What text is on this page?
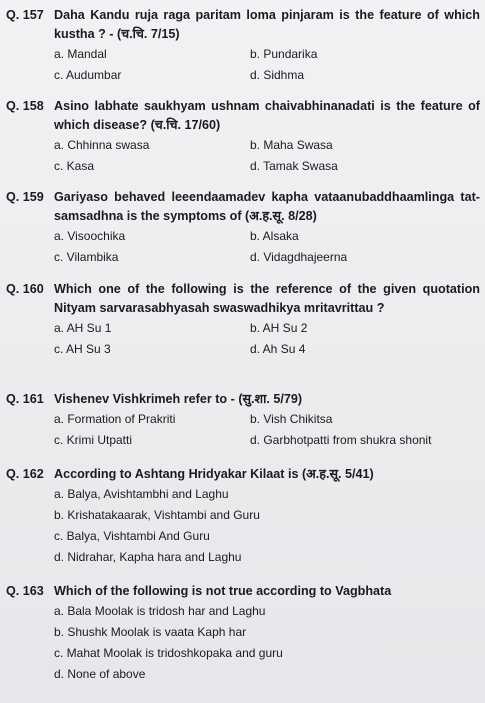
Q. 157 Daha Kandu ruja raga paritam loma pinjaram is the feature of which kustha ? - (च.चि. 7/15)
a. Mandal	b. Pundarika
c. Audumbar	d. Sidhma
Q. 158 Asino labhate saukhyam ushnam chaivabhinanadati is the feature of which disease? (च.चि. 17/60)
a. Chhinna swasa	b. Maha Swasa
c. Kasa	d. Tamak Swasa
Q. 159 Gariyaso behaved leeendaamadev kapha vataanubaddhaamlinga tat-samsadhna is the symptoms of (अ.ह.सू. 8/28)
a. Visoochika	b. Alsaka
c. Vilambika	d. Vidagdhajeerna
Q. 160 Which one of the following is the reference of the given quotation Nityam sarvarasabhyasah swaswadhikya mritavrittau ?
a. AH Su 1	b. AH Su 2
c. AH Su 3	d. Ah Su 4
Q. 161 Vishenev Vishkrimeh refer to - (सु.शा. 5/79)
a. Formation of Prakriti	b. Vish Chikitsa
c. Krimi Utpatti	d. Garbhotpatti from shukra shonit
Q. 162 According to Ashtang Hridyakar Kilaat is (अ.ह.सू. 5/41)
a. Balya, Avishtambhi and Laghu
b. Krishatakaarak, Vishtambi and Guru
c. Balya, Vishtambi And Guru
d. Nidrahar, Kapha hara and Laghu
Q. 163 Which of the following is not true according to Vagbhata
a. Bala Moolak is tridosh har and Laghu
b. Shushk Moolak is vaata Kaph har
c. Mahat Moolak is tridoshkopaka and guru
d. None of above
